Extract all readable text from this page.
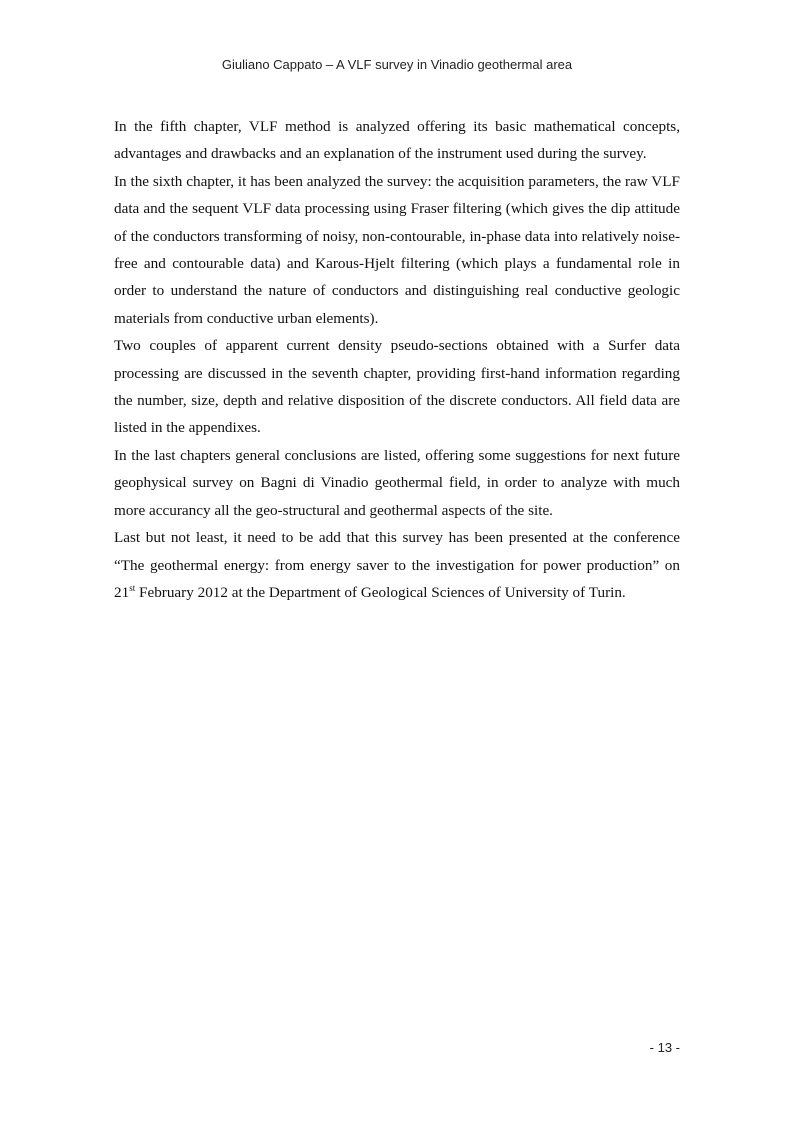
Giuliano Cappato – A VLF survey in Vinadio geothermal area

In the fifth chapter, VLF method is analyzed offering its basic mathematical concepts, advantages and drawbacks and an explanation of the instrument used during the survey.

In the sixth chapter, it has been analyzed the survey: the acquisition parameters, the raw VLF data and the sequent VLF data processing using Fraser filtering (which gives the dip attitude of the conductors transforming of noisy, non-contourable, in-phase data into relatively noise-free and contourable data) and Karous-Hjelt filtering (which plays a fundamental role in order to understand the nature of conductors and distinguishing real conductive geologic materials from conductive urban elements).

Two couples of apparent current density pseudo-sections obtained with a Surfer data processing are discussed in the seventh chapter, providing first-hand information regarding the number, size, depth and relative disposition of the discrete conductors. All field data are listed in the appendixes.

In the last chapters general conclusions are listed, offering some suggestions for next future geophysical survey on Bagni di Vinadio geothermal field, in order to analyze with much more accurancy all the geo-structural and geothermal aspects of the site.

Last but not least, it need to be add that this survey has been presented at the conference “The geothermal energy: from energy saver to the investigation for power production” on 21st February 2012 at the Department of Geological Sciences of University of Turin.

- 13 -
